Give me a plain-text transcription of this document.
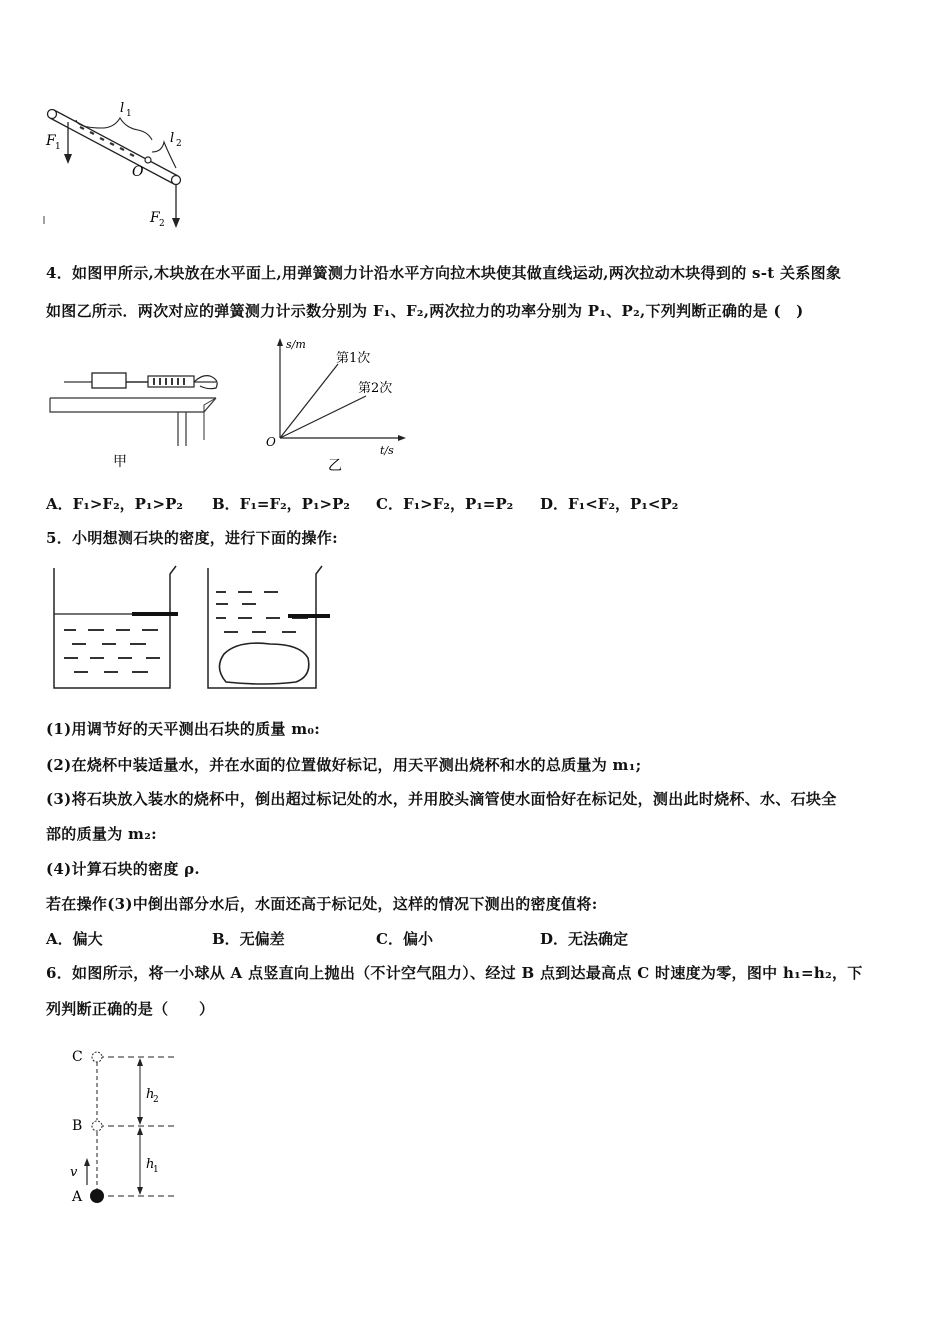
l 1
l 2
F 1
O
F 2
4．如图甲所示,木块放在水平面上,用弹簧测力计沿水平方向拉木块使其做直线运动,两次拉动木块得到的 s-t 关系图象
如图乙所示．两次对应的弹簧测力计示数分别为 F₁、F₂,两次拉力的功率分别为 P₁、P₂,下列判断正确的是 (　)
甲
s/m
t/s
O
第1次
第2次
乙
A．F₁>F₂，P₁>P₂ B．F₁=F₂，P₁>P₂ C．F₁>F₂，P₁=P₂ D．F₁<F₂，P₁<P₂
5．小明想测石块的密度，进行下面的操作:
(1)用调节好的天平测出石块的质量 m₀:
(2)在烧杯中装适量水，并在水面的位置做好标记，用天平测出烧杯和水的总质量为 m₁;
(3)将石块放入装水的烧杯中，倒出超过标记处的水，并用胶头滴管使水面恰好在标记处，测出此时烧杯、水、石块全
部的质量为 m₂:
(4)计算石块的密度 ρ.
若在操作(3)中倒出部分水后，水面还高于标记处，这样的情况下测出的密度值将:
A．偏大	B．无偏差	C．偏小	D．无法确定
6．如图所示，将一小球从 A 点竖直向上抛出（不计空气阻力）、经过 B 点到达最高点 C 时速度为零，图中 h₁=h₂，下
列判断正确的是（　　）
C
B
A
v
h
2
h
1
